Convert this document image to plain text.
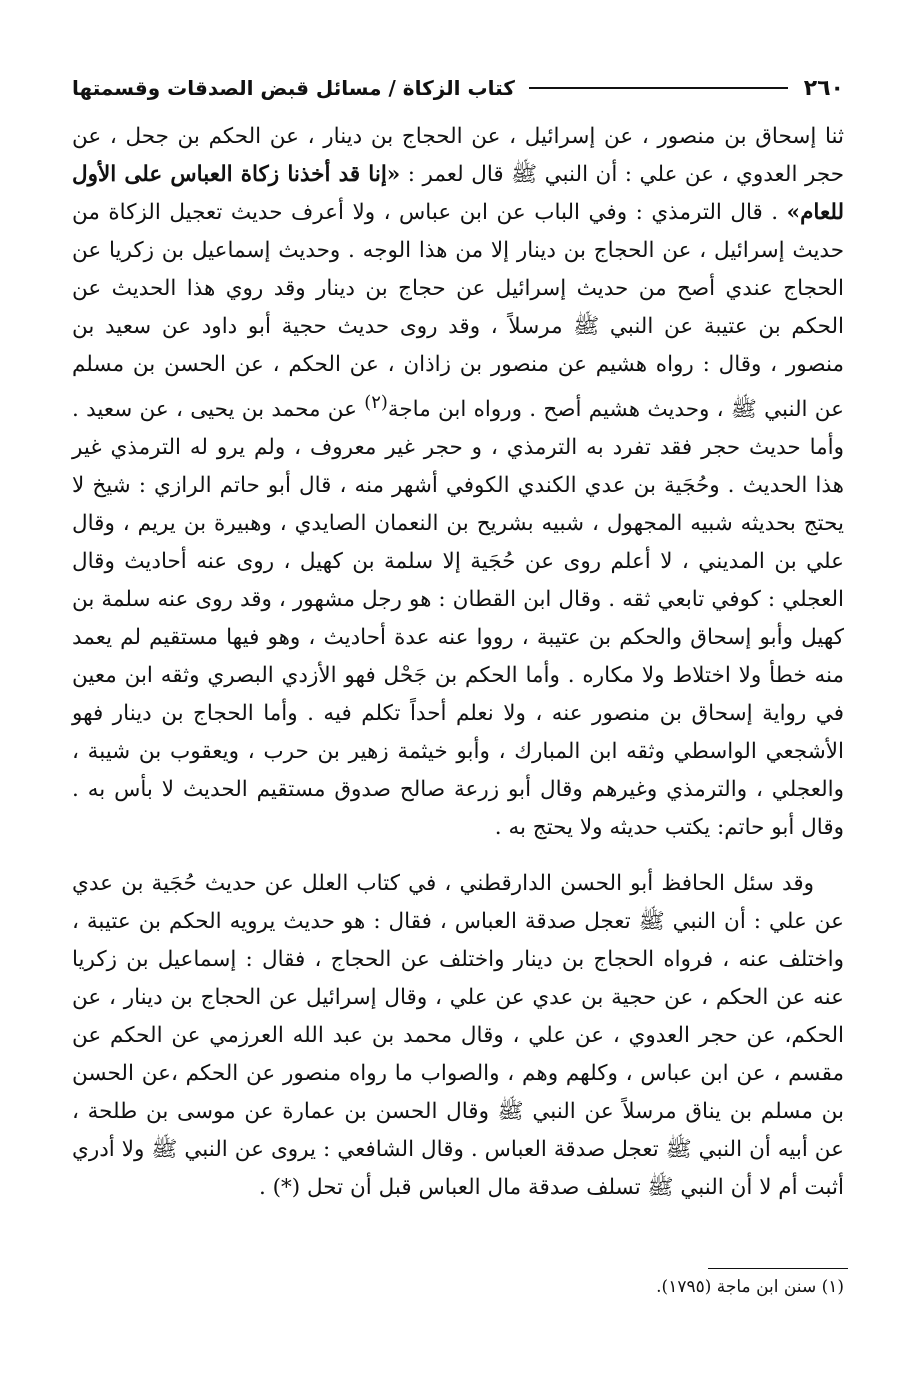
٢٦٠
كتاب الزكاة / مسائل قبض الصدقات وقسمتها

ثنا إسحاق بن منصور ، عن إسرائيل ، عن الحجاج بن دينار ، عن الحكم بن جحل ، عن حجر العدوي ، عن علي : أن النبي ﷺ قال لعمر : «إنا قد أخذنا زكاة العباس على الأول للعام» . قال الترمذي : وفي الباب عن ابن عباس ، ولا أعرف حديث تعجيل الزكاة من حديث إسرائيل ، عن الحجاج بن دينار إلا من هذا الوجه . وحديث إسماعيل بن زكريا عن الحجاج عندي أصح من حديث إسرائيل عن حجاج بن دينار وقد روي هذا الحديث عن الحكم بن عتيبة عن النبي ﷺ مرسلاً ، وقد روى حديث حجية أبو داود عن سعيد بن منصور ، وقال : رواه هشيم عن منصور بن زاذان ، عن الحكم ، عن الحسن بن مسلم عن النبي ﷺ ، وحديث هشيم أصح . ورواه ابن ماجة$^{(٢)}$ عن محمد بن يحيى ، عن سعيد . وأما حديث حجر فقد تفرد به الترمذي ، و حجر غير معروف ، ولم يرو له الترمذي غير هذا الحديث . وحُجَية بن عدي الكندي الكوفي أشهر منه ، قال أبو حاتم الرازي : شيخ لا يحتج بحديثه شبيه المجهول ، شبيه بشريح بن النعمان الصايدي ، وهبيرة بن يريم ، وقال علي بن المديني ، لا أعلم روى عن حُجَية إلا سلمة بن كهيل ، روى عنه أحاديث وقال العجلي : كوفي تابعي ثقه . وقال ابن القطان : هو رجل مشهور ، وقد روى عنه سلمة بن كهيل وأبو إسحاق والحكم بن عتيبة ، رووا عنه عدة أحاديث ، وهو فيها مستقيم لم يعمد منه خطأ ولا اختلاط ولا مكاره . وأما الحكم بن جَحْل فهو الأزدي البصري وثقه ابن معين في رواية إسحاق بن منصور عنه ، ولا نعلم أحداً تكلم فيه . وأما الحجاج بن دينار فهو الأشجعي الواسطي وثقه ابن المبارك ، وأبو خيثمة زهير بن حرب ، ويعقوب بن شيبة ، والعجلي ، والترمذي وغيرهم وقال أبو زرعة صالح صدوق مستقيم الحديث لا بأس به . وقال أبو حاتم: يكتب حديثه ولا يحتج به .

وقد سئل الحافظ أبو الحسن الدارقطني ، في كتاب العلل عن حديث حُجَية بن عدي عن علي : أن النبي ﷺ تعجل صدقة العباس ، فقال : هو حديث يرويه الحكم بن عتيبة ، واختلف عنه ، فرواه الحجاج بن دينار واختلف عن الحجاج ، فقال : إسماعيل بن زكريا عنه عن الحكم ، عن حجية بن عدي عن علي ، وقال إسرائيل عن الحجاج بن دينار ، عن الحكم، عن حجر العدوي ، عن علي ، وقال محمد بن عبد الله العرزمي عن الحكم عن مقسم ، عن ابن عباس ، وكلهم وهم ، والصواب ما رواه منصور عن الحكم ،عن الحسن بن مسلم بن يناق مرسلاً عن النبي ﷺ وقال الحسن بن عمارة عن موسى بن طلحة ، عن أبيه أن النبي ﷺ تعجل صدقة العباس . وقال الشافعي : يروى عن النبي ﷺ ولا أدري أثبت أم لا أن النبي ﷺ تسلف صدقة مال العباس قبل أن تحل (*) .

(١) سنن ابن ماجة (١٧٩٥).
